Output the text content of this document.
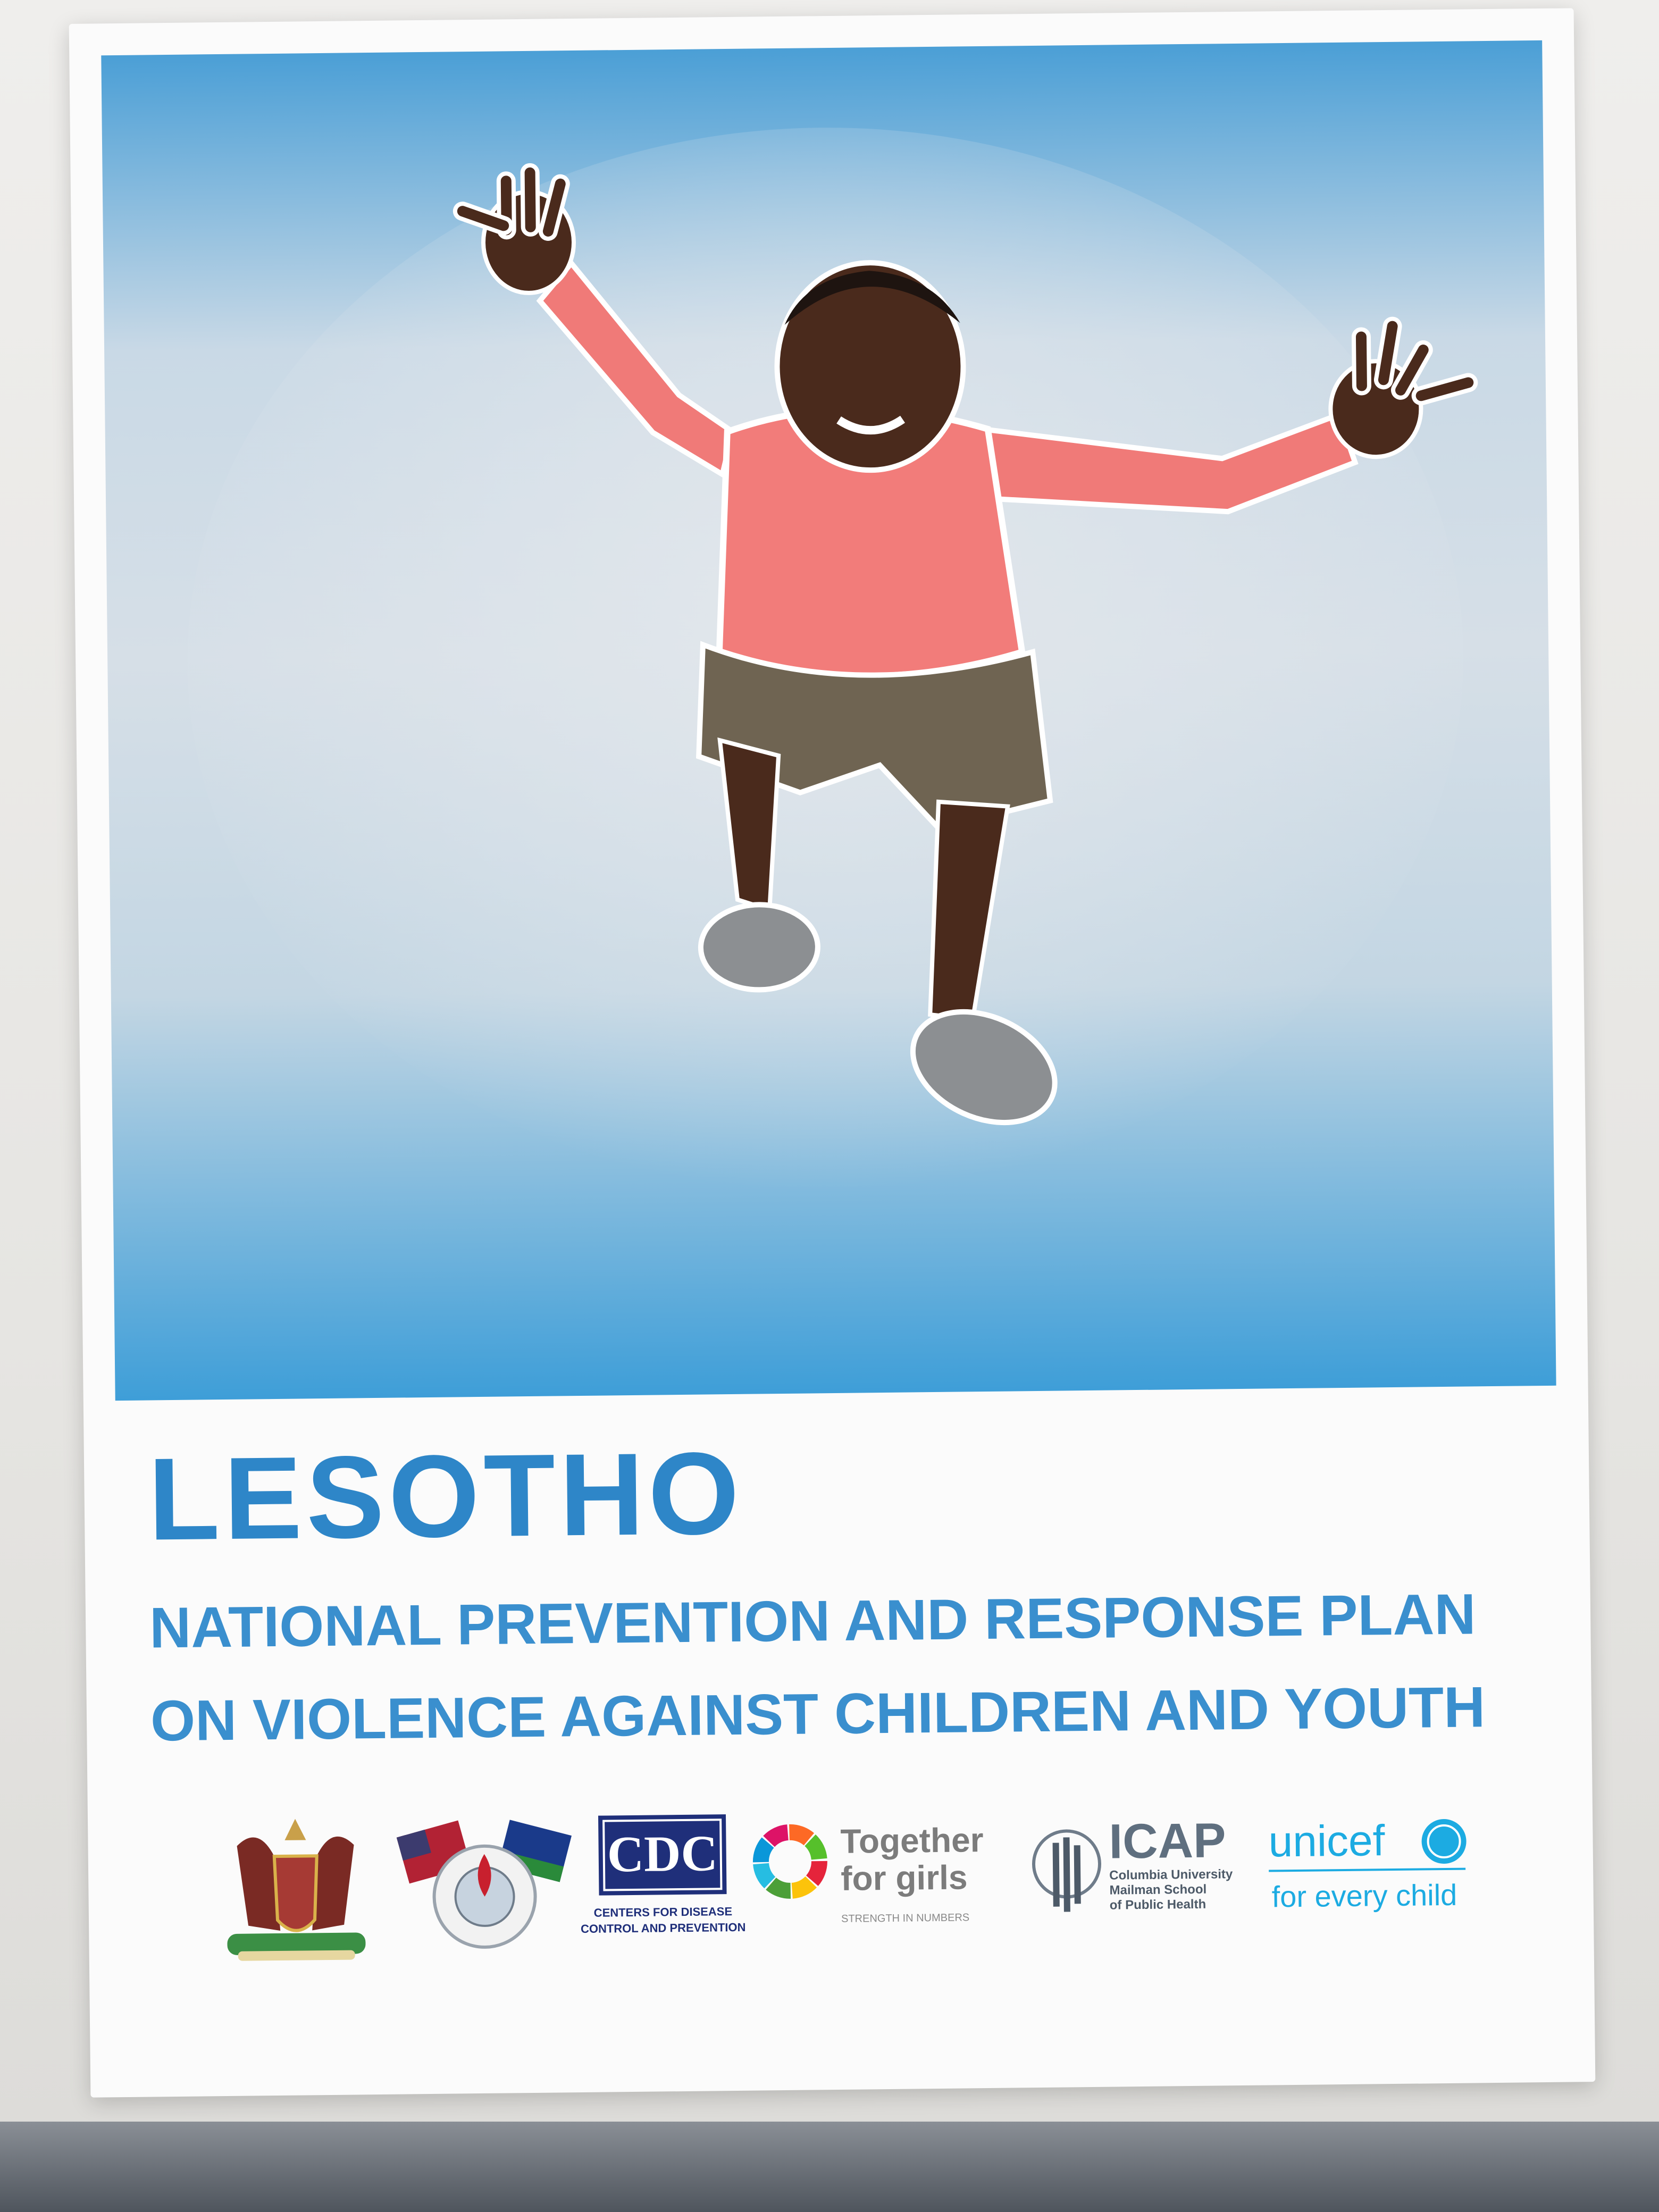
LESOTHO
NATIONAL PREVENTION AND RESPONSE PLAN
ON VIOLENCE AGAINST CHILDREN AND YOUTH
CDC
CENTERS FOR DISEASE
CONTROL AND PREVENTION
Together
for girls
STRENGTH IN NUMBERS
ICAP
Columbia University
Mailman School
of Public Health
unicef
for every child
